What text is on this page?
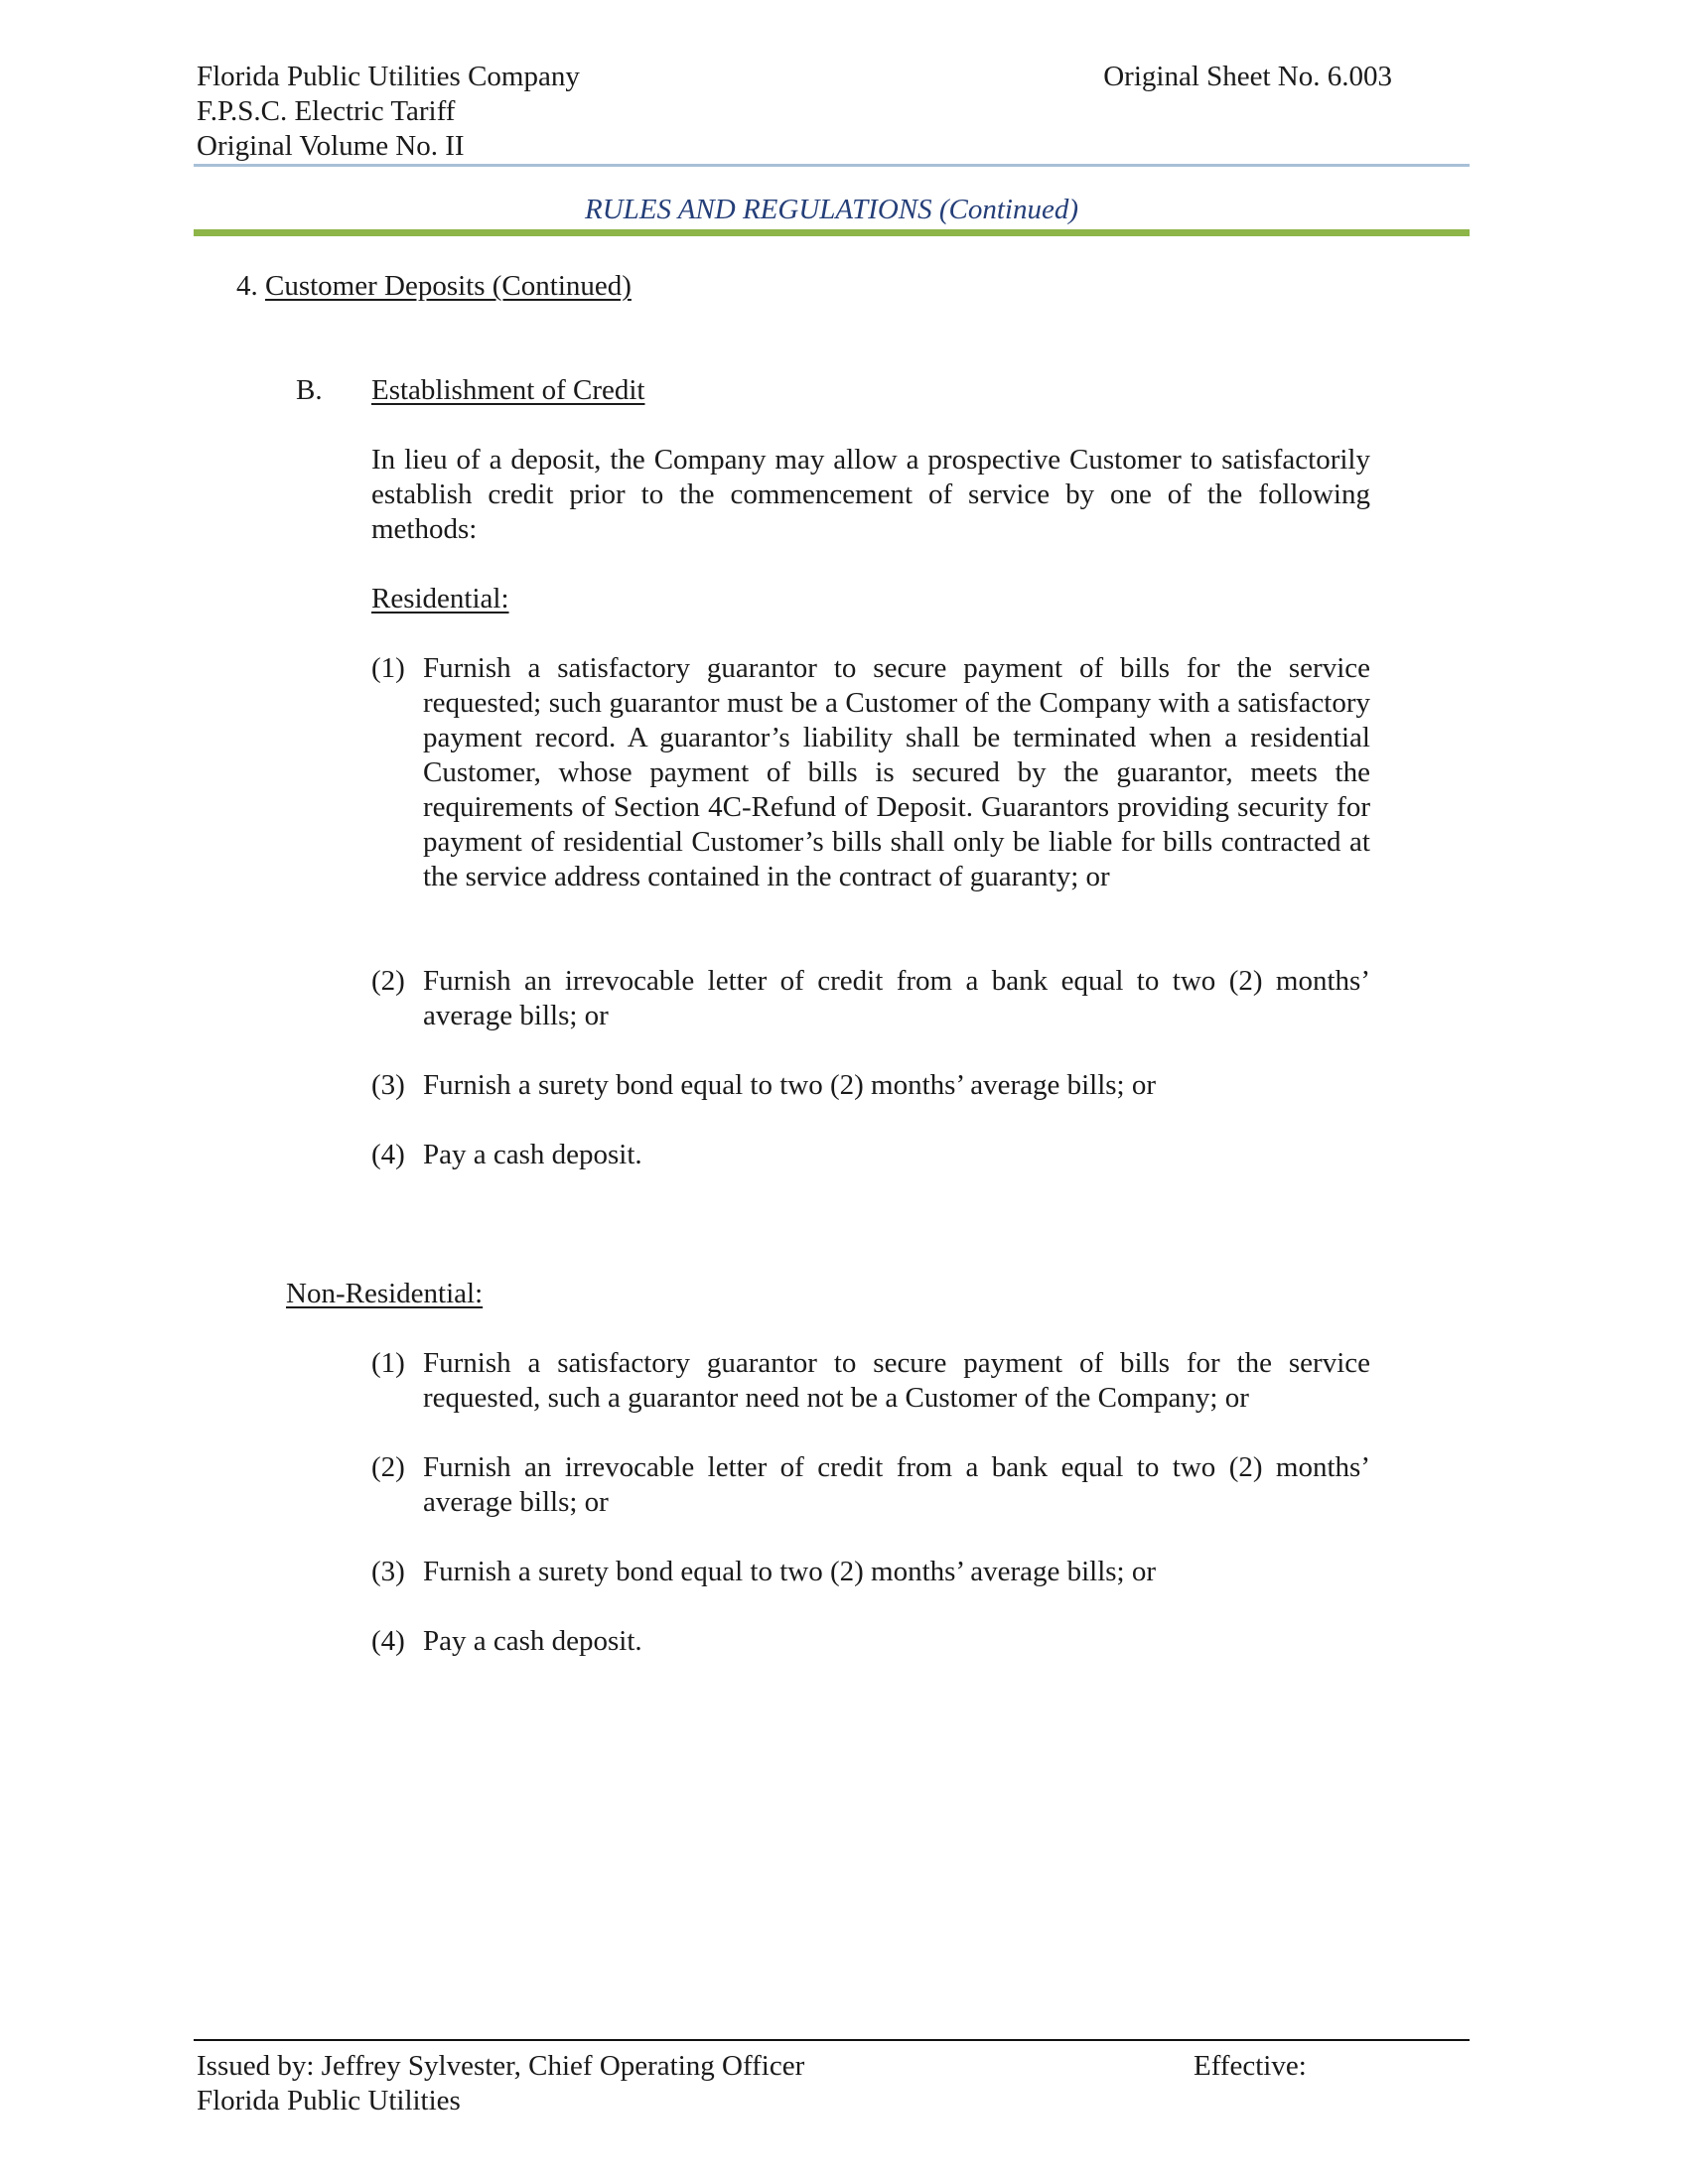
Florida Public Utilities Company
F.P.S.C. Electric Tariff
Original Volume No. II
Original Sheet No. 6.003
RULES AND REGULATIONS (Continued)
4. Customer Deposits (Continued)
B. Establishment of Credit
In lieu of a deposit, the Company may allow a prospective Customer to satisfactorily establish credit prior to the commencement of service by one of the following methods:
Residential:
(1) Furnish a satisfactory guarantor to secure payment of bills for the service requested; such guarantor must be a Customer of the Company with a satisfactory payment record. A guarantor’s liability shall be terminated when a residential Customer, whose payment of bills is secured by the guarantor, meets the requirements of Section 4C-Refund of Deposit. Guarantors providing security for payment of residential Customer’s bills shall only be liable for bills contracted at the service address contained in the contract of guaranty; or
(2) Furnish an irrevocable letter of credit from a bank equal to two (2) months’ average bills; or
(3) Furnish a surety bond equal to two (2) months’ average bills; or
(4) Pay a cash deposit.
Non-Residential:
(1) Furnish a satisfactory guarantor to secure payment of bills for the service requested, such a guarantor need not be a Customer of the Company; or
(2) Furnish an irrevocable letter of credit from a bank equal to two (2) months’ average bills; or
(3) Furnish a surety bond equal to two (2) months’ average bills; or
(4) Pay a cash deposit.
Issued by: Jeffrey Sylvester, Chief Operating Officer
Florida Public Utilities
Effective:
